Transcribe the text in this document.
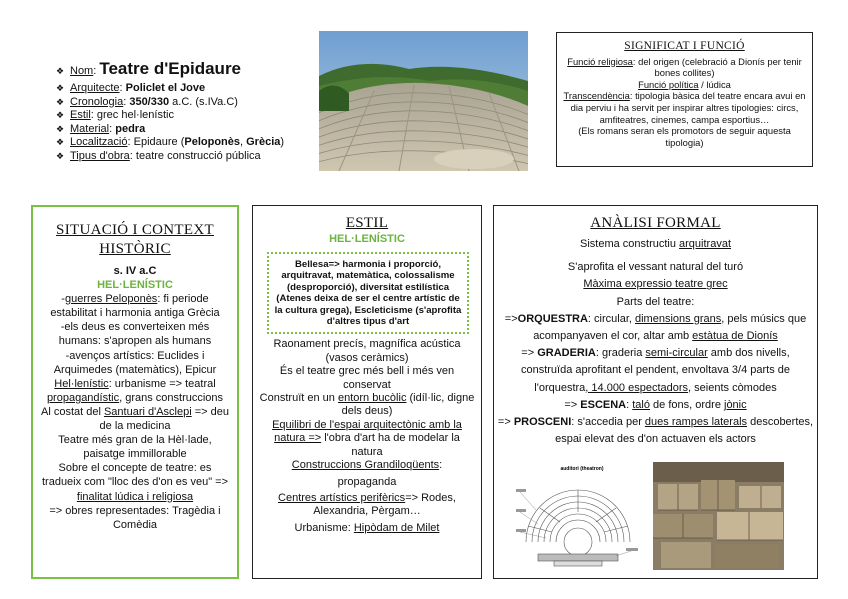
❖ Nom: Teatre d'Epidaure
❖ Arquitecte: Policlet el Jove
❖ Cronologia: 350/330 a.C. (s.IVa.C)
❖ Estil: grec hel·lenístic
❖ Material: pedra
❖ Localització: Epidaure (Peloponès, Grècia)
❖ Tipus d'obra: teatre construcció pública
SIGNIFICAT I FUNCIÓ
Funció religiosa: del origen (celebració a Dionís per tenir bones collites)
Funció política / lúdica
Transcendència: tipologia bàsica del teatre encara avui en dia perviu i ha servit per inspirar altres tipologies: circs, amfiteatres, cinemes, campa esportius…
(Els romans seran els promotors de seguir aquesta tipologia)
SITUACIÓ I CONTEXT
HISTÒRIC
s. IV a.C
HEL·LENÍSTIC
-guerres Peloponès: fi periode estabilitat i harmonia antiga Grècia
-els deus es converteixen més humans: s'apropen als humans
-avenços artístics: Euclides i Arquimedes (matemàtics), Epicur
Hel·lenístic: urbanisme => teatral
propagandístic, grans construccions
Al costat del Santuari d'Asclepi => deu de la medicina
Teatre més gran de la Hèl·lade, paisatge immillorable
Sobre el concepte de teatre: es tradueix com "lloc des d'on es veu" =>
finalitat lúdica i religiosa
=> obres representades: Tragèdia i Comèdia
ESTIL
HEL·LENÍSTIC
Bellesa=> harmonia i proporció, arquitravat, matemàtica, colossalisme (desproporció), diversitat estilística (Atenes deixa de ser el centre artístic de la cultura grega), Escleticisme (s'aprofita d'altres tipus d'art
Raonament precís, magnífica acústica (vasos ceràmics)
És el teatre grec més bell i més ven conservat
Construït en un entorn bucòlic (idíl·lic, digne dels deus)
Equilibri de l'espai arquitectònic amb la natura => l'obra d'art ha de modelar la natura
Construccions Grandiloqüents:
propaganda
Centres artístics perifèrics=> Rodes, Alexandria, Pèrgam…
Urbanisme: Hipòdam de Milet
ANÀLISI FORMAL
Sistema constructiu arquitravat
S'aprofita el vessant natural del turó
Màxima expressio teatre grec
Parts del teatre:
=>ORQUESTRA: circular, dimensions grans, pels músics que acompanyaven el cor, altar amb estàtua de Dionís
=> GRADERIA: graderia semi-circular amb dos nivells, construïda aprofitant el pendent, envoltava 3/4 parts de l'orquestra, 14.000 espectadors, seients còmodes
=> ESCENA: taló de fons, ordre jònic
=> PROSCENI: s'accedia per dues rampes laterals descobertes, espai elevat des d'on actuaven els actors
auditori (theatron)
